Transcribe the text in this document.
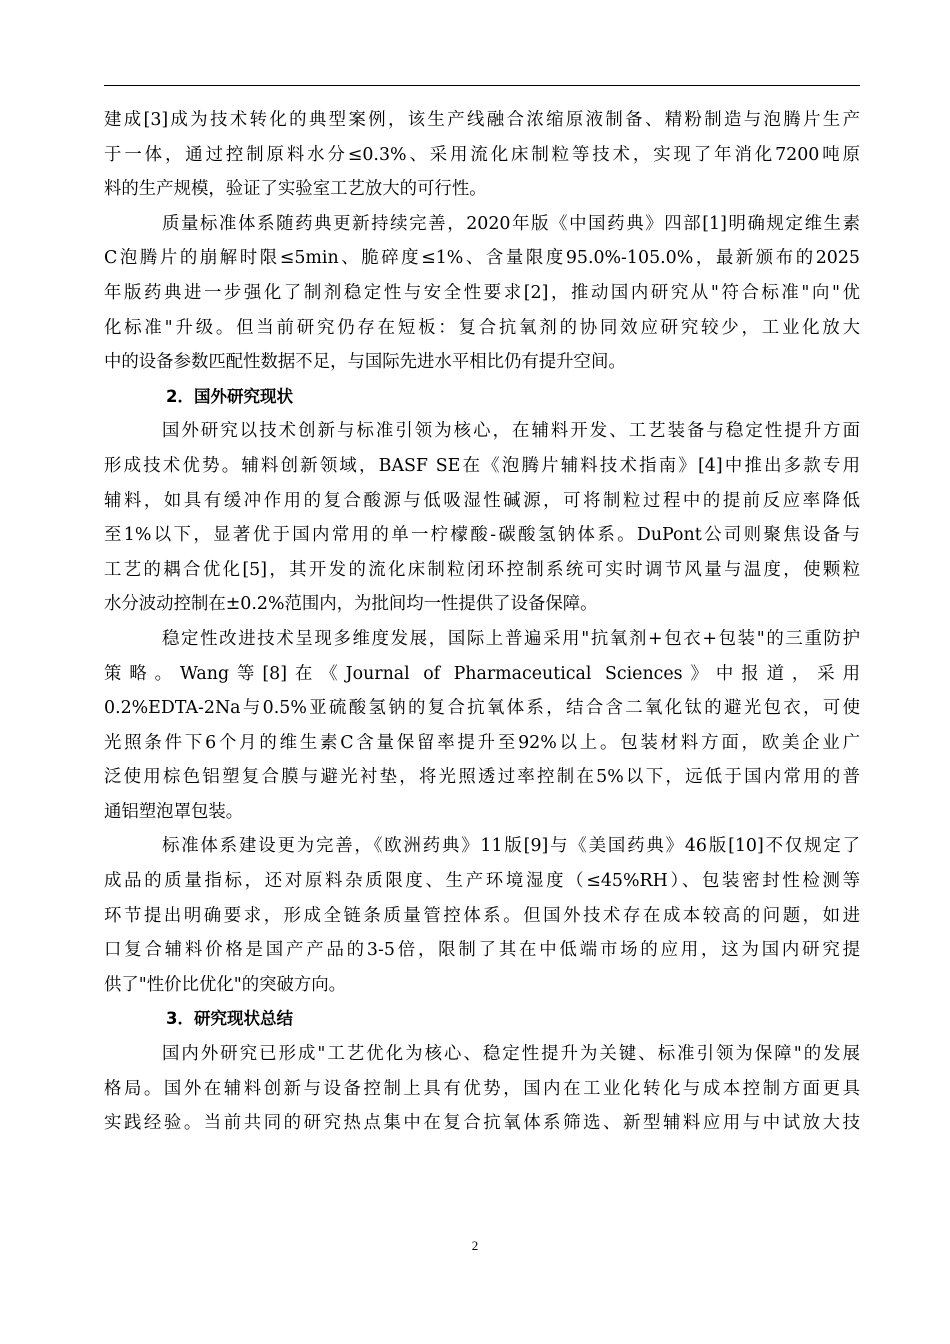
建成[3]成为技术转化的典型案例，该生产线融合浓缩原液制备、精粉制造与泡腾片生产
于一体，通过控制原料水分≤0.3%、采用流化床制粒等技术，实现了年消化7200吨原
料的生产规模，验证了实验室工艺放大的可行性。
质量标准体系随药典更新持续完善，2020年版《中国药典》四部[1]明确规定维生素
C泡腾片的崩解时限≤5min、脆碎度≤1%、含量限度95.0%-105.0%，最新颁布的2025
年版药典进一步强化了制剂稳定性与安全性要求[2]，推动国内研究从"符合标准"向"优
化标准"升级。但当前研究仍存在短板：复合抗氧剂的协同效应研究较少，工业化放大
中的设备参数匹配性数据不足，与国际先进水平相比仍有提升空间。
2．国外研究现状
国外研究以技术创新与标准引领为核心，在辅料开发、工艺装备与稳定性提升方面
形成技术优势。辅料创新领域，BASF SE在《泡腾片辅料技术指南》[4]中推出多款专用
辅料，如具有缓冲作用的复合酸源与低吸湿性碱源，可将制粒过程中的提前反应率降低
至1%以下，显著优于国内常用的单一柠檬酸-碳酸氢钠体系。DuPont公司则聚焦设备与
工艺的耦合优化[5]，其开发的流化床制粒闭环控制系统可实时调节风量与温度，使颗粒
水分波动控制在±0.2%范围内，为批间均一性提供了设备保障。
稳定性改进技术呈现多维度发展，国际上普遍采用"抗氧剂+包衣+包装"的三重防护
策略。Wang等[8]在《Journal of Pharmaceutical Sciences》中报道，采用
0.2%EDTA-2Na与0.5%亚硫酸氢钠的复合抗氧体系，结合含二氧化钛的避光包衣，可使
光照条件下6个月的维生素C含量保留率提升至92%以上。包装材料方面，欧美企业广
泛使用棕色铝塑复合膜与避光衬垫，将光照透过率控制在5%以下，远低于国内常用的普
通铝塑泡罩包装。
标准体系建设更为完善，《欧洲药典》11版[9]与《美国药典》46版[10]不仅规定了
成品的质量指标，还对原料杂质限度、生产环境湿度（≤45%RH）、包装密封性检测等
环节提出明确要求，形成全链条质量管控体系。但国外技术存在成本较高的问题，如进
口复合辅料价格是国产产品的3-5倍，限制了其在中低端市场的应用，这为国内研究提
供了"性价比优化"的突破方向。
3．研究现状总结
国内外研究已形成"工艺优化为核心、稳定性提升为关键、标准引领为保障"的发展
格局。国外在辅料创新与设备控制上具有优势，国内在工业化转化与成本控制方面更具
实践经验。当前共同的研究热点集中在复合抗氧体系筛选、新型辅料应用与中试放大技
2
